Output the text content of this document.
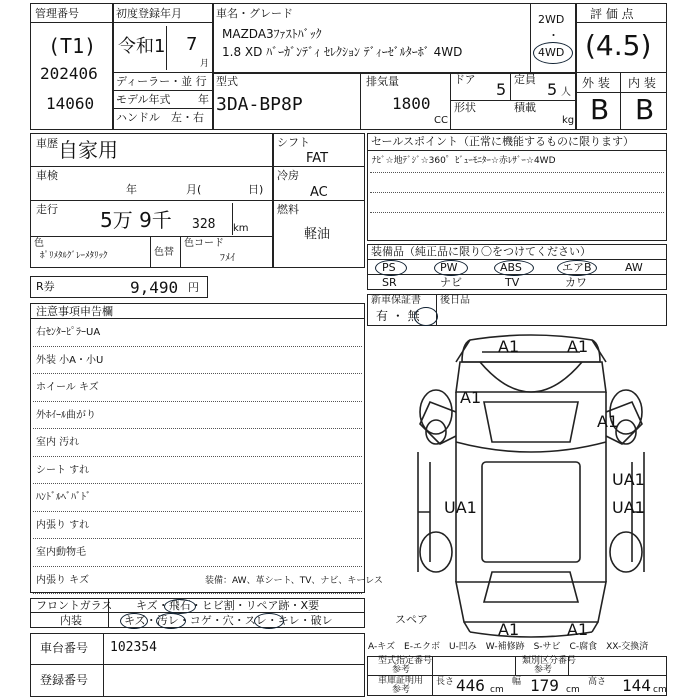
管理番号
(T1)
202406
14060
初度登録年月
令和1 7
月
ディーラー・並 行
モデル年式	年
ハンドル　左・右
車名・グレード
MAZDA3ﾌｧｽﾄﾊﾞｯｸ
1.8 XD ﾊﾞｰｶﾞﾝﾃﾞｨ ｾﾚｸｼｮﾝ ﾃﾞｨｰｾﾞﾙﾀｰﾎﾞ 4WD
2WD
・
4WD
評 価 点
(4.5)
外 装 内 装
B B
型式
3DA-BP8P
排気量
1800
CC
ドア
5
定員
5 人
形状	積載
kg
車歴 自家用
車検
年	月(	日)
走行 5万 9千 328 km
色
ﾎﾟﾘﾒﾀﾙｸﾞﾚｰﾒﾀﾘｯｸ	色替
色コード
ﾌﾒｲ
シフト
FAT
冷房
AC
燃料
軽油
R券	9,490 円
セールスポイント（正常に機能するものに限ります）
ﾅﾋﾞ☆地ﾃﾞｼﾞ☆360゜ﾋﾞｭｰﾓﾆﾀｰ☆赤ﾚｻﾞｰ☆4WD
装備品（純正品に限り〇をつけてください）
PS	PW	ABS	エアB	AW
SR	ナビ	TV	カワ
新車保証書
有 ・ 無
後日品
注意事項申告欄
右ｾﾝﾀｰﾋﾟﾗｰUA
外装 小A・小U
ホイール キズ
外ﾎｲｰﾙ曲がり
室内 汚れ
シート すれ
ﾊﾝﾄﾞﾙﾍﾞﾊﾞﾄﾞ
内張り すれ
室内動物毛
内張り キズ	装備：AW、革シート、TV、ナビ、キーレス
フロントガラス キズ・飛石・ヒビ割・リペア跡・X要
内装	キズ・汚レ・コゲ・穴・スレ・キレ・破レ
車台番号 102354
登録番号
A-キズ　E-エクボ　U-凹み　W-補修跡　S-サビ　C-腐食　XX-交換済
型式指定番号
参考
類別区分番号
参考
車庫証明用
参考
長さ 446 cm
幅 179 cm
高さ 144 cm
A1	A1
A1
A1
UA1
UA1	UA1
A1	A1
スペア
